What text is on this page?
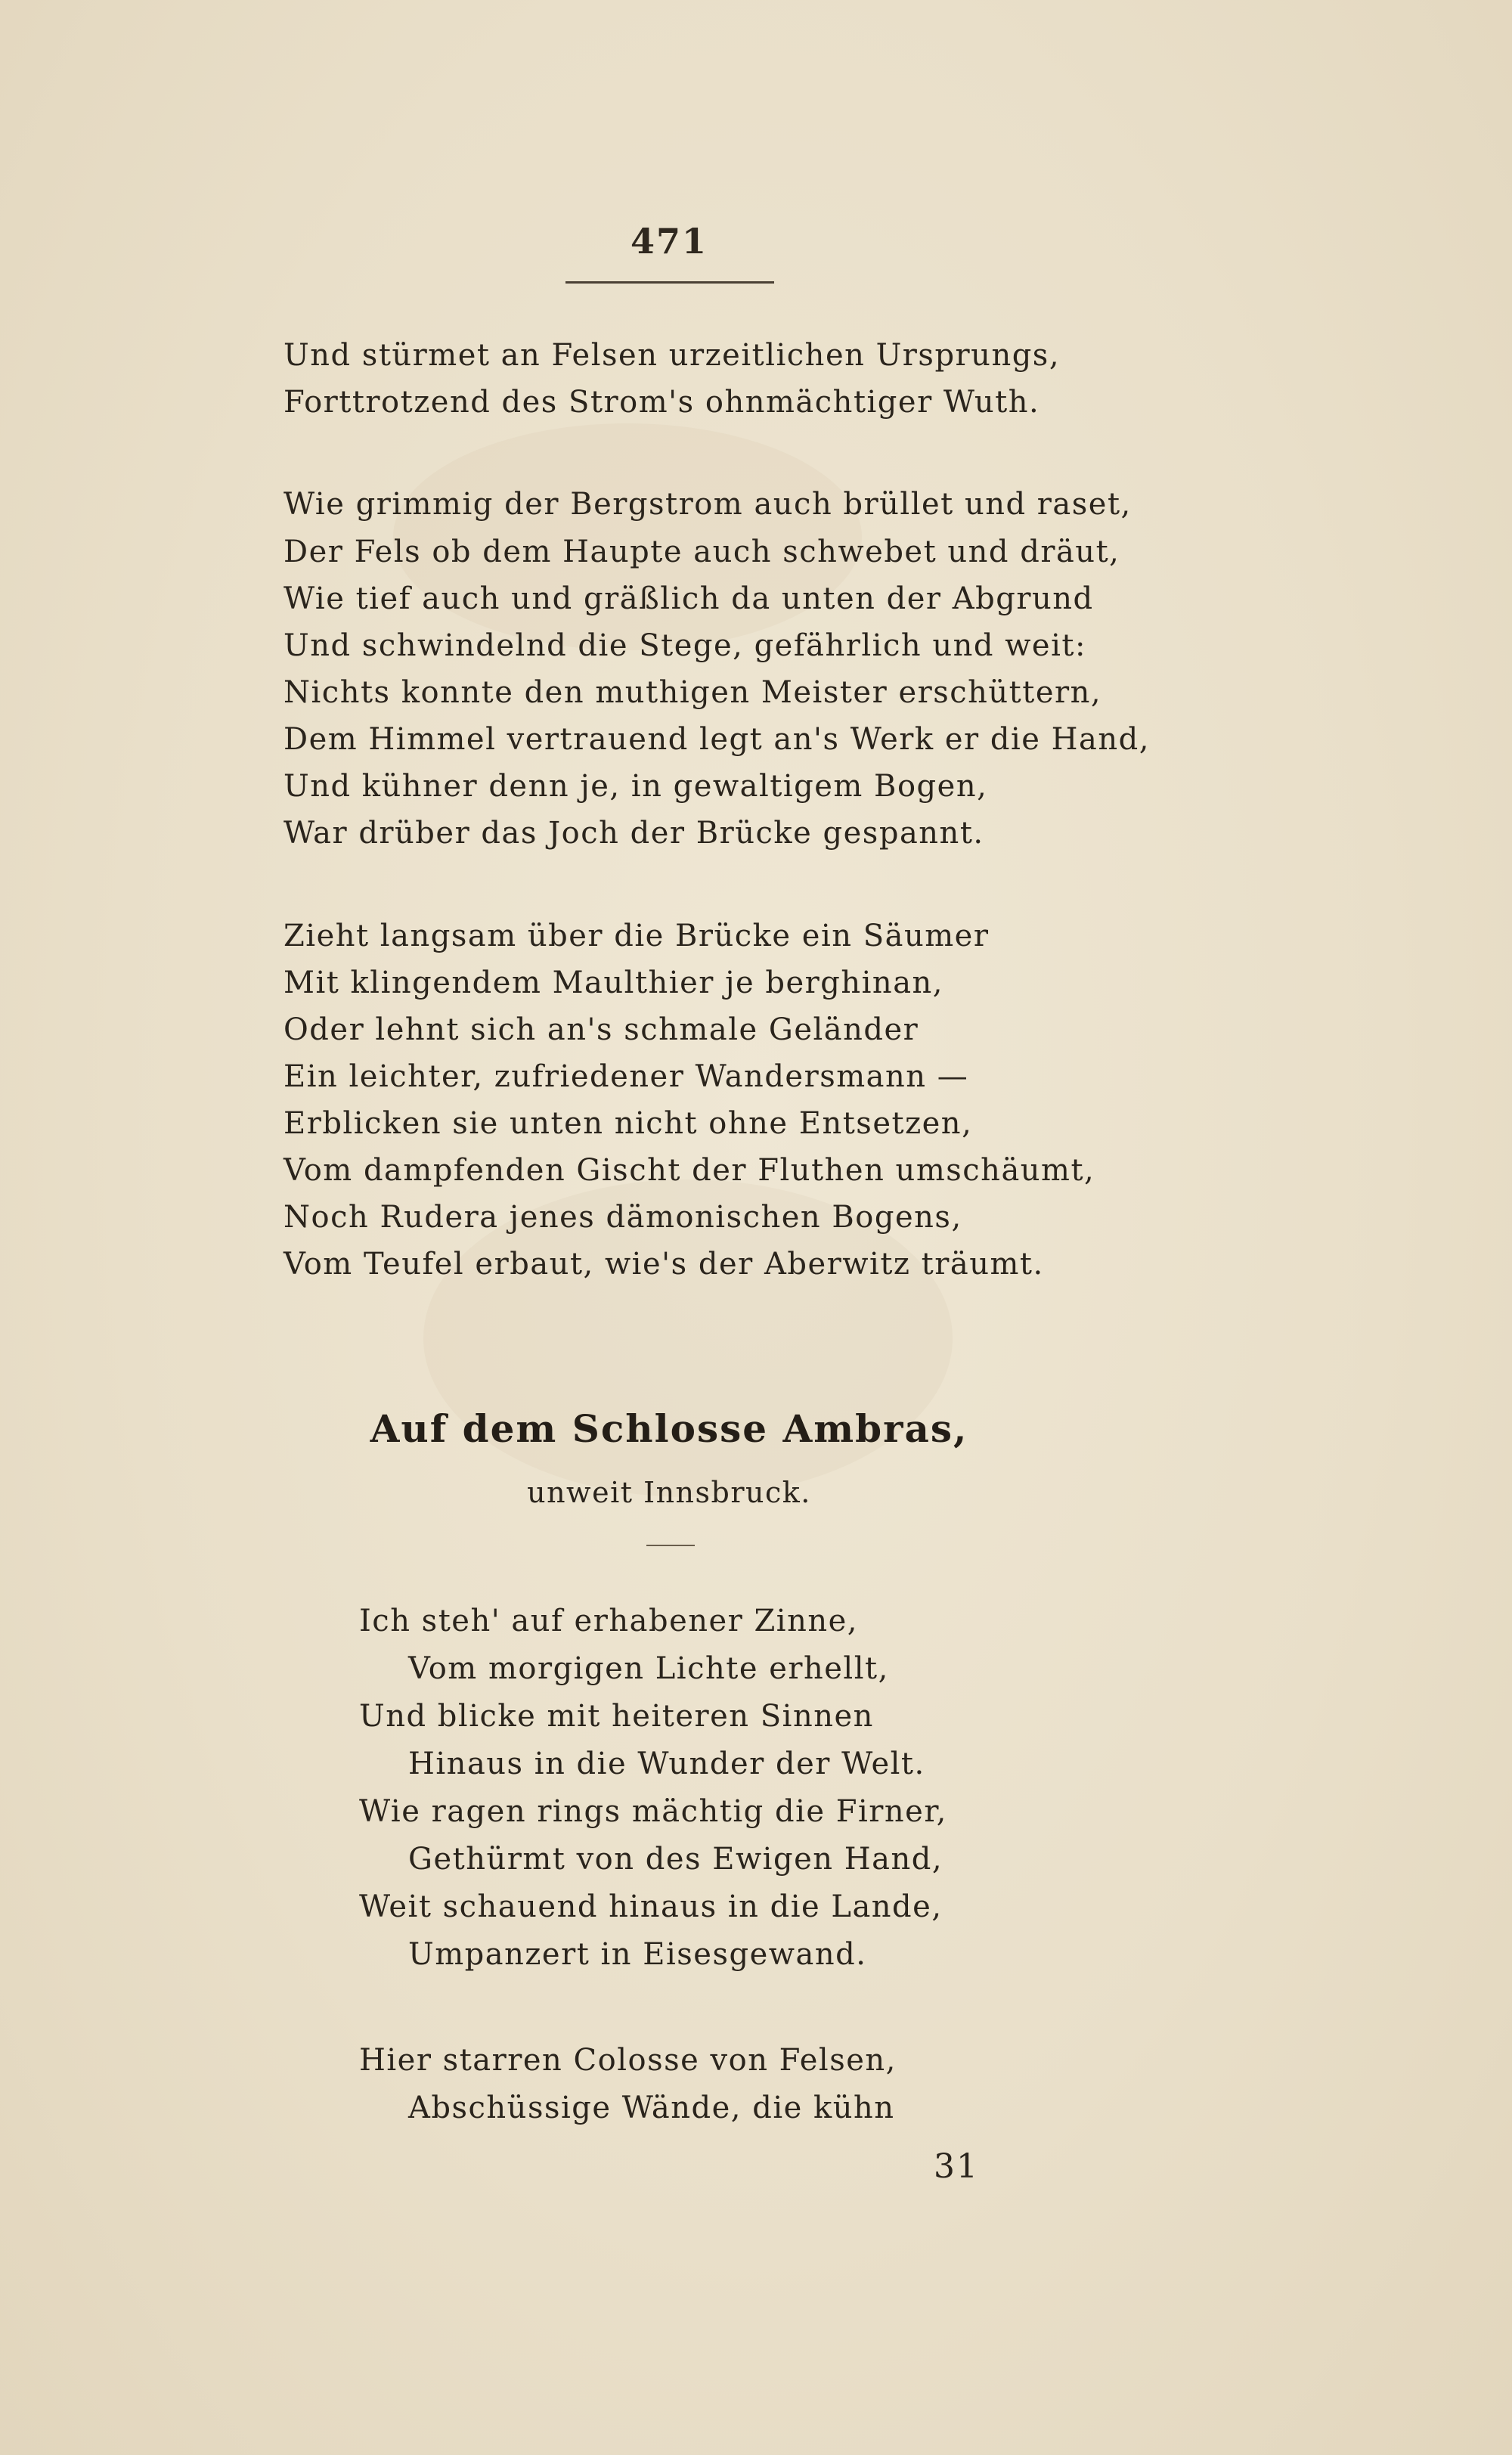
471
Und stürmet an Felsen urzeitlichen Ursprungs,
Forttrotzend des Strom's ohnmächtiger Wuth.
Wie grimmig der Bergstrom auch brüllet und raset,
Der Fels ob dem Haupte auch schwebet und dräut,
Wie tief auch und gräßlich da unten der Abgrund
Und schwindelnd die Stege, gefährlich und weit:
Nichts konnte den muthigen Meister erschüttern,
Dem Himmel vertrauend legt an's Werk er die Hand,
Und kühner denn je, in gewaltigem Bogen,
War drüber das Joch der Brücke gespannt.
Zieht langsam über die Brücke ein Säumer
Mit klingendem Maulthier je berghinan,
Oder lehnt sich an's schmale Geländer
Ein leichter, zufriedener Wandersmann —
Erblicken sie unten nicht ohne Entsetzen,
Vom dampfenden Gischt der Fluthen umschäumt,
Noch Rudera jenes dämonischen Bogens,
Vom Teufel erbaut, wie's der Aberwitz träumt.
Auf dem Schlosse Ambras,
unweit Innsbruck.
Ich steh' auf erhabener Zinne,
Vom morgigen Lichte erhellt,
Und blicke mit heiteren Sinnen
Hinaus in die Wunder der Welt.
Wie ragen rings mächtig die Firner,
Gethürmt von des Ewigen Hand,
Weit schauend hinaus in die Lande,
Umpanzert in Eisesgewand.
Hier starren Colosse von Felsen,
Abschüssige Wände, die kühn
31
